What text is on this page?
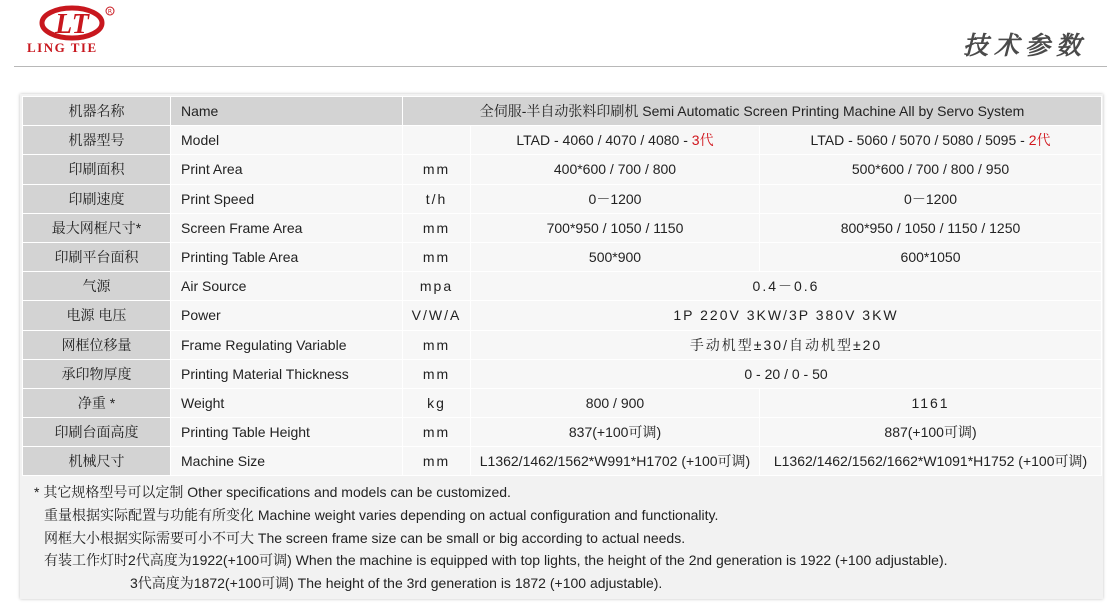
LT	R
LING TIE	技术参数
机器名称	Name	全伺服-半自动张料印刷机 Semi Automatic Screen Printing Machine All by Servo System		
机器型号	Model		LTAD - 4060 / 4070 / 4080 - 3代	LTAD - 5060 / 5070 / 5080 / 5095 - 2代
印刷面积	Print Area	mm	400*600 / 700 / 800	500*600 / 700 / 800 / 950
印刷速度	Print Speed	t/h	0－1200	0－1200
最大网框尺寸*	Screen Frame Area	mm	700*950 / 1050 / 1150	800*950 / 1050 / 1150 / 1250
印刷平台面积	Printing Table Area	mm	500*900	600*1050
气源	Air Source	mpa	0.4－0.6	
电源 电压	Power	V/W/A	1P 220V 3KW/3P 380V 3KW	
网框位移量	Frame Regulating Variable	mm	手动机型±30/自动机型±20	
承印物厚度	Printing Material Thickness	mm	0 - 20 / 0 - 50	
净重 *	Weight	kg	800 / 900	1161
印刷台面高度	Printing Table Height	mm	837(+100可调)	887(+100可调)
机械尺寸	Machine Size	mm	L1362/1462/1562*W991*H1702 (+100可调)	L1362/1462/1562/1662*W1091*H1752 (+100可调)
* 其它规格型号可以定制 Other specifications and models can be customized.
重量根据实际配置与功能有所变化 Machine weight varies depending on actual configuration and functionality.
网框大小根据实际需要可小不可大 The screen frame size can be small or big according to actual needs.
有装工作灯时2代高度为1922(+100可调) When the machine is equipped with top lights, the height of the 2nd generation is 1922 (+100 adjustable).
3代高度为1872(+100可调) The height of the 3rd generation is 1872 (+100 adjustable).
